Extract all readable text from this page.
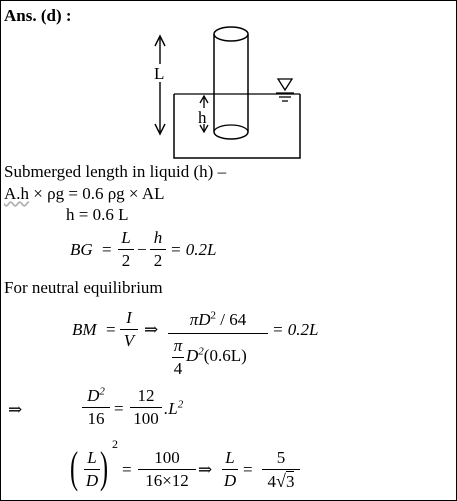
Ans. (d) :
L
h
Submerged length in liquid (h) –
A.h × ρg = 0.6 ρg × AL
h = 0.6 L
BG =
L
2
−
h
2
= 0.2L
For neutral equilibrium
BM =
I
V
⇒
$\pi D^2 / 64$
π
4
$D^2(0.6L)$
= 0.2L
⇒
$D^2$
16
=
12
100
$.L^2$
( L
D ) 2
=
100
16×12
⇒
L
D
=
5
4√3
